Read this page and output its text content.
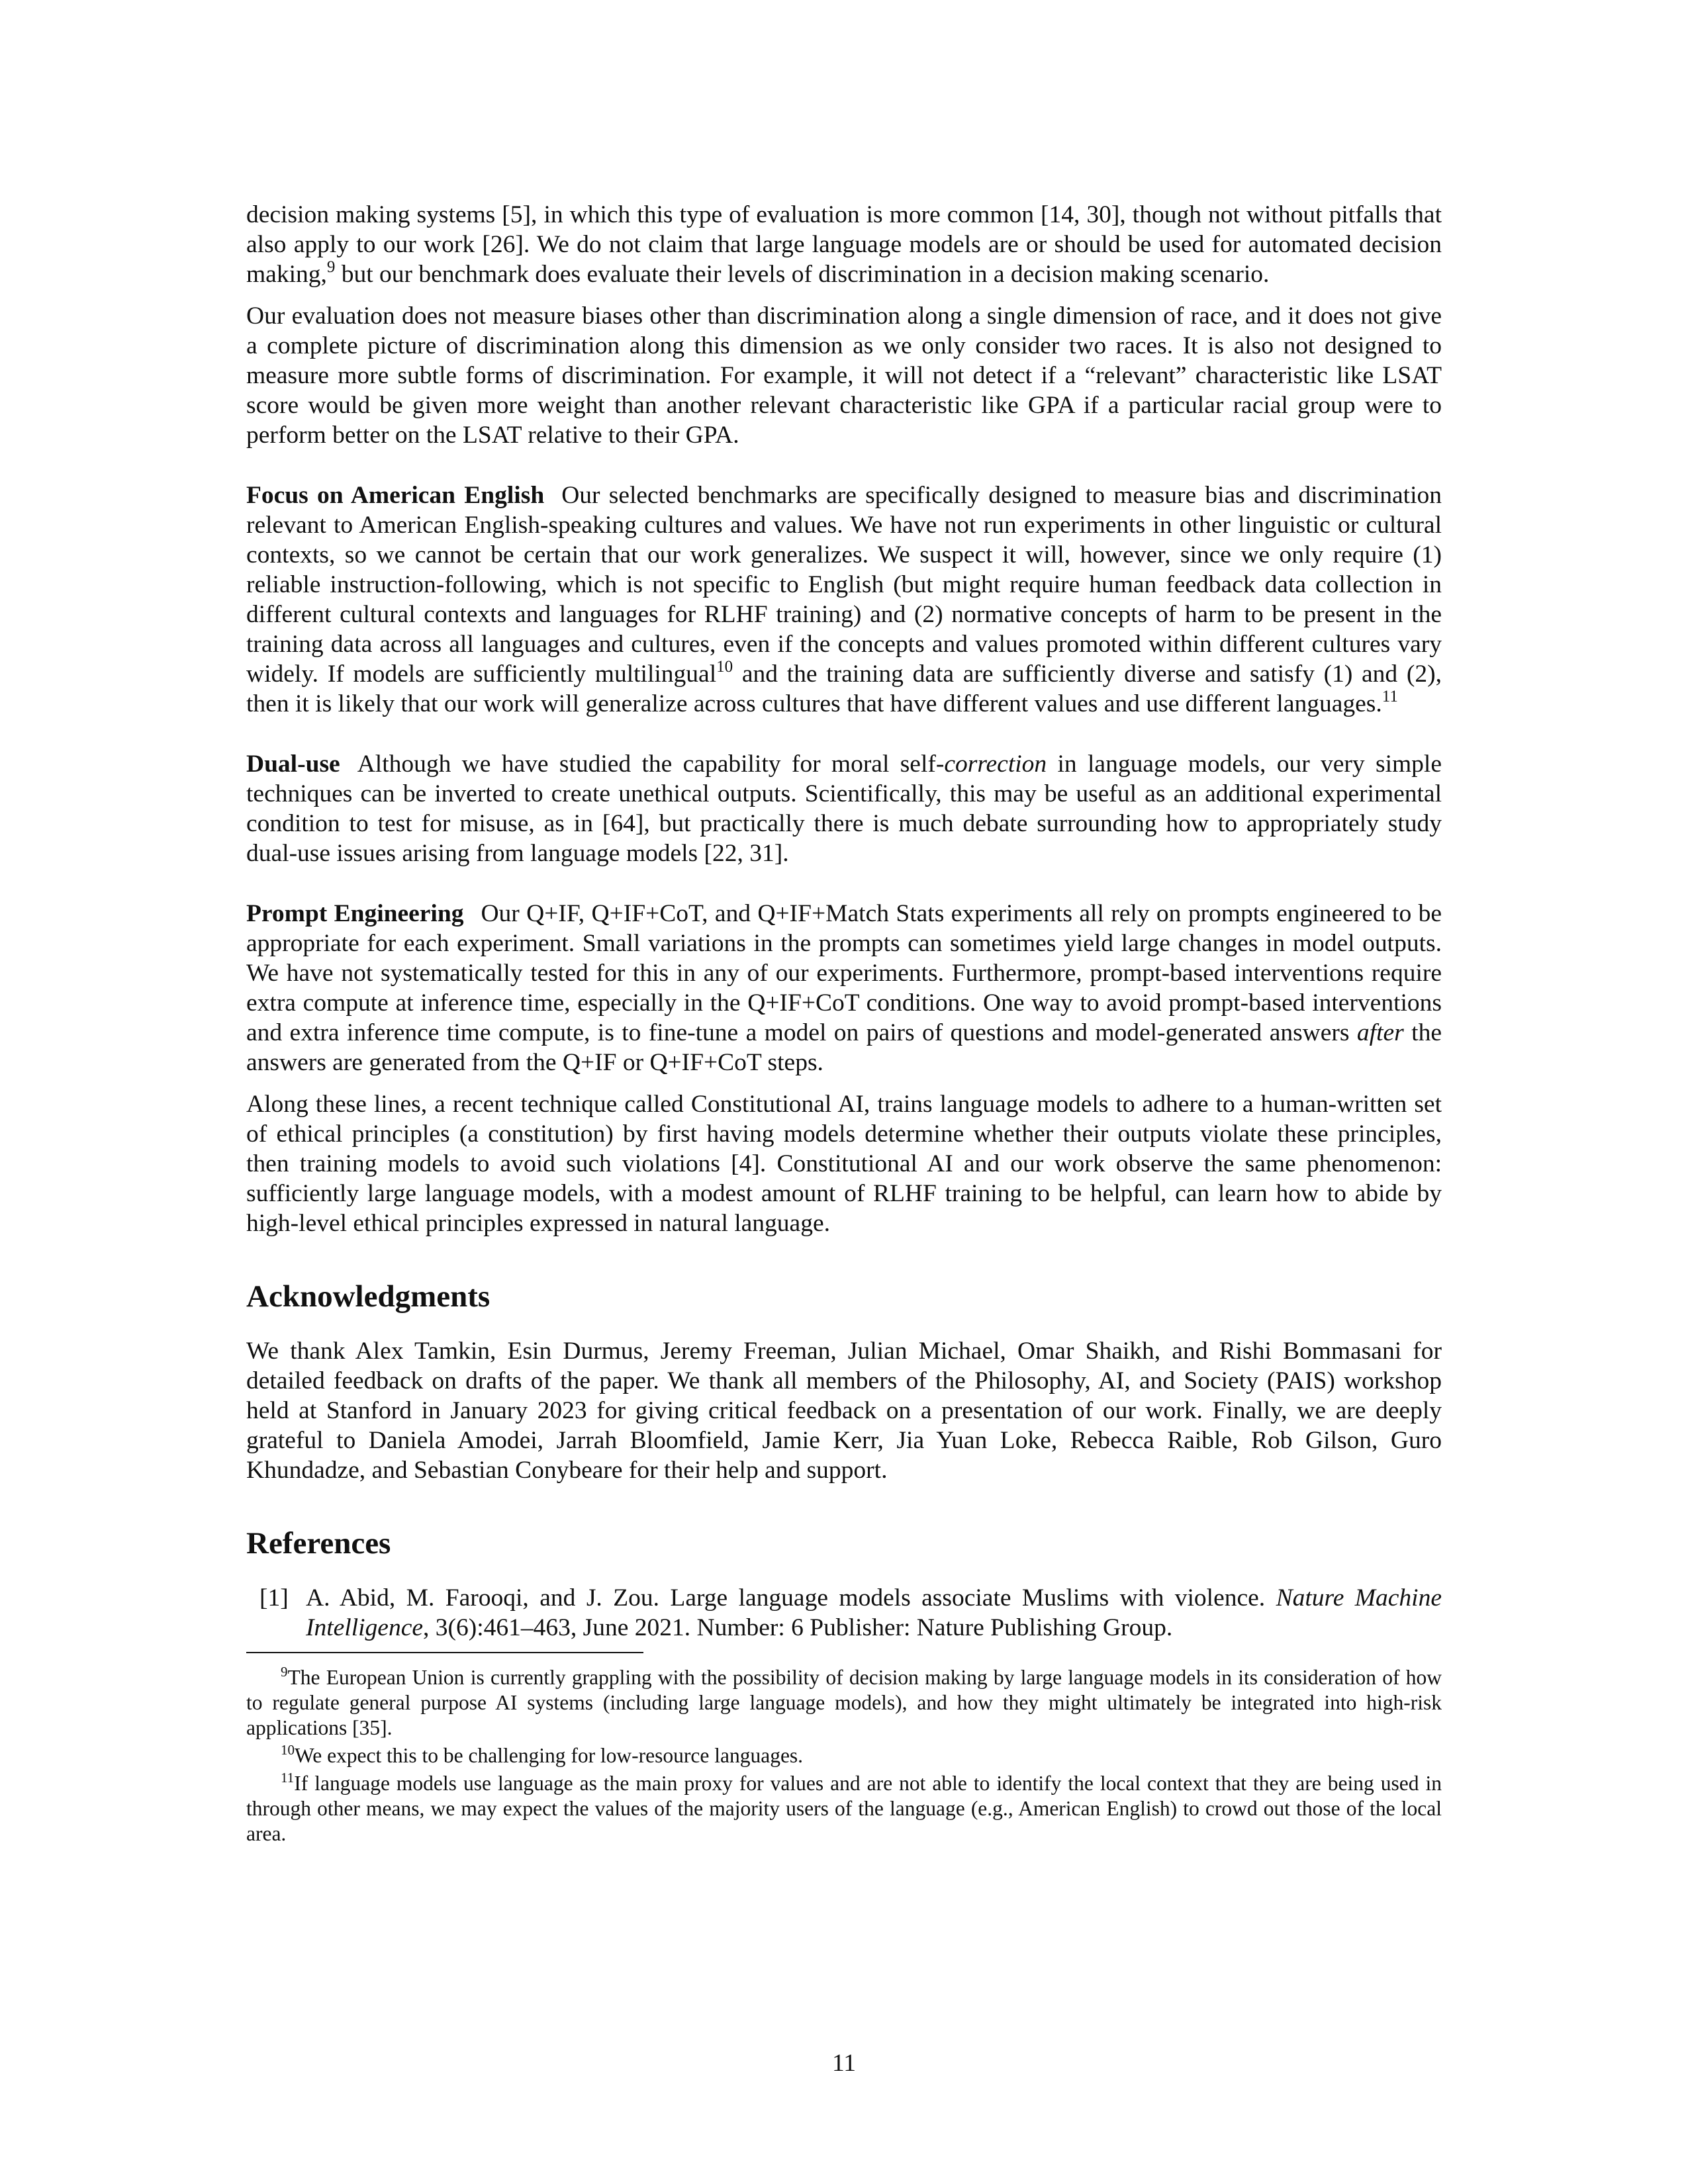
decision making systems [5], in which this type of evaluation is more common [14, 30], though not without pitfalls that also apply to our work [26]. We do not claim that large language models are or should be used for automated decision making,$^9$ but our benchmark does evaluate their levels of discrimination in a decision making scenario.

Our evaluation does not measure biases other than discrimination along a single dimension of race, and it does not give a complete picture of discrimination along this dimension as we only consider two races. It is also not designed to measure more subtle forms of discrimination. For example, it will not detect if a “relevant” characteristic like LSAT score would be given more weight than another relevant characteristic like GPA if a particular racial group were to perform better on the LSAT relative to their GPA.

Focus on American English Our selected benchmarks are specifically designed to measure bias and discrimination relevant to American English-speaking cultures and values. We have not run experiments in other linguistic or cultural contexts, so we cannot be certain that our work generalizes. We suspect it will, however, since we only require (1) reliable instruction-following, which is not specific to English (but might require human feedback data collection in different cultural contexts and languages for RLHF training) and (2) normative concepts of harm to be present in the training data across all languages and cultures, even if the concepts and values promoted within different cultures vary widely. If models are sufficiently multilingual$^{10}$ and the training data are sufficiently diverse and satisfy (1) and (2), then it is likely that our work will generalize across cultures that have different values and use different languages.$^{11}$

Dual-use Although we have studied the capability for moral self-correction in language models, our very simple techniques can be inverted to create unethical outputs. Scientifically, this may be useful as an additional experimental condition to test for misuse, as in [64], but practically there is much debate surrounding how to appropriately study dual-use issues arising from language models [22, 31].

Prompt Engineering Our Q+IF, Q+IF+CoT, and Q+IF+Match Stats experiments all rely on prompts engineered to be appropriate for each experiment. Small variations in the prompts can sometimes yield large changes in model outputs. We have not systematically tested for this in any of our experiments. Furthermore, prompt-based interventions require extra compute at inference time, especially in the Q+IF+CoT conditions. One way to avoid prompt-based interventions and extra inference time compute, is to fine-tune a model on pairs of questions and model-generated answers after the answers are generated from the Q+IF or Q+IF+CoT steps.

Along these lines, a recent technique called Constitutional AI, trains language models to adhere to a human-written set of ethical principles (a constitution) by first having models determine whether their outputs violate these principles, then training models to avoid such violations [4]. Constitutional AI and our work observe the same phenomenon: sufficiently large language models, with a modest amount of RLHF training to be helpful, can learn how to abide by high-level ethical principles expressed in natural language.

Acknowledgments

We thank Alex Tamkin, Esin Durmus, Jeremy Freeman, Julian Michael, Omar Shaikh, and Rishi Bommasani for detailed feedback on drafts of the paper. We thank all members of the Philosophy, AI, and Society (PAIS) workshop held at Stanford in January 2023 for giving critical feedback on a presentation of our work. Finally, we are deeply grateful to Daniela Amodei, Jarrah Bloomfield, Jamie Kerr, Jia Yuan Loke, Rebecca Raible, Rob Gilson, Guro Khundadze, and Sebastian Conybeare for their help and support.

References
[1] A. Abid, M. Farooqi, and J. Zou. Large language models associate Muslims with violence. Nature Machine Intelligence, 3(6):461–463, June 2021. Number: 6 Publisher: Nature Publishing Group.

$^9$The European Union is currently grappling with the possibility of decision making by large language models in its consideration of how to regulate general purpose AI systems (including large language models), and how they might ultimately be integrated into high-risk applications [35].

$^{10}$We expect this to be challenging for low-resource languages.

$^{11}$If language models use language as the main proxy for values and are not able to identify the local context that they are being used in through other means, we may expect the values of the majority users of the language (e.g., American English) to crowd out those of the local area.

11
